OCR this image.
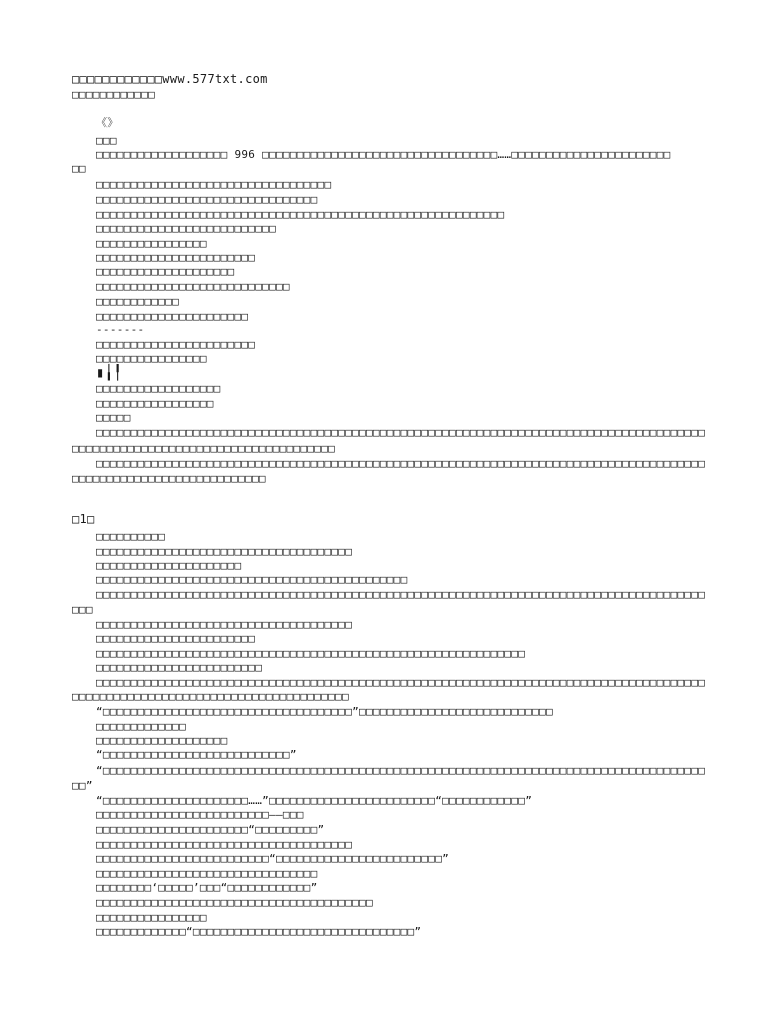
□□□□□□□□□□□□www.577txt.com
□□□□□□□□□□□□
《》
□□□
□□□□□□□□□□□□□□□□□□□ 996 □□□□□□□□□□□□□□□□□□□□□□□□□□□□□□□□□□……□□□□□□□□□□□□□□□□□□□□□□□
□□
□□□□□□□□□□□□□□□□□□□□□□□□□□□□□□□□□□
□□□□□□□□□□□□□□□□□□□□□□□□□□□□□□□□
□□□□□□□□□□□□□□□□□□□□□□□□□□□□□□□□□□□□□□□□□□□□□□□□□□□□□□□□□□□
□□□□□□□□□□□□□□□□□□□□□□□□□□
□□□□□□□□□□□□□□□□
□□□□□□□□□□□□□□□□□□□□□□□
□□□□□□□□□□□□□□□□□□□□
□□□□□□□□□□□□□□□□□□□□□□□□□□□□
□□□□□□□□□□□□
□□□□□□□□□□□□□□□□□□□□□□
-------
□□□□□□□□□□□□□□□□□□□□□□□
□□□□□□□□□□□□□□□□
▮╽╿
□□□□□□□□□□□□□□□□□□
□□□□□□□□□□□□□□□□□
□□□□□
□□□□□□□□□□□□□□□□□□□□□□□□□□□□□□□□□□□□□□□□□□□□□□□□□□□□□□□□□□□□□□□□□□□□□□□□□□□□□□□□□□□□□□□□
□□□□□□□□□□□□□□□□□□□□□□□□□□□□□□□□□□□□□□
□□□□□□□□□□□□□□□□□□□□□□□□□□□□□□□□□□□□□□□□□□□□□□□□□□□□□□□□□□□□□□□□□□□□□□□□□□□□□□□□□□□□□□□□
□□□□□□□□□□□□□□□□□□□□□□□□□□□□
□1□
□□□□□□□□□□
□□□□□□□□□□□□□□□□□□□□□□□□□□□□□□□□□□□□□
□□□□□□□□□□□□□□□□□□□□□
□□□□□□□□□□□□□□□□□□□□□□□□□□□□□□□□□□□□□□□□□□□□□
□□□□□□□□□□□□□□□□□□□□□□□□□□□□□□□□□□□□□□□□□□□□□□□□□□□□□□□□□□□□□□□□□□□□□□□□□□□□□□□□□□□□□□□□
□□□
□□□□□□□□□□□□□□□□□□□□□□□□□□□□□□□□□□□□□
□□□□□□□□□□□□□□□□□□□□□□□
□□□□□□□□□□□□□□□□□□□□□□□□□□□□□□□□□□□□□□□□□□□□□□□□□□□□□□□□□□□□□□
□□□□□□□□□□□□□□□□□□□□□□□□
□□□□□□□□□□□□□□□□□□□□□□□□□□□□□□□□□□□□□□□□□□□□□□□□□□□□□□□□□□□□□□□□□□□□□□□□□□□□□□□□□□□□□□□□
□□□□□□□□□□□□□□□□□□□□□□□□□□□□□□□□□□□□□□□□
“□□□□□□□□□□□□□□□□□□□□□□□□□□□□□□□□□□□□”□□□□□□□□□□□□□□□□□□□□□□□□□□□□
□□□□□□□□□□□□□
□□□□□□□□□□□□□□□□□□□
“□□□□□□□□□□□□□□□□□□□□□□□□□□□”
“□□□□□□□□□□□□□□□□□□□□□□□□□□□□□□□□□□□□□□□□□□□□□□□□□□□□□□□□□□□□□□□□□□□□□□□□□□□□□□□□□□□□□□□
□□”
“□□□□□□□□□□□□□□□□□□□□□……”□□□□□□□□□□□□□□□□□□□□□□□□“□□□□□□□□□□□□”
□□□□□□□□□□□□□□□□□□□□□□□□□——□□□
□□□□□□□□□□□□□□□□□□□□□□“□□□□□□□□□”
□□□□□□□□□□□□□□□□□□□□□□□□□□□□□□□□□□□□□
□□□□□□□□□□□□□□□□□□□□□□□□□“□□□□□□□□□□□□□□□□□□□□□□□□”
□□□□□□□□□□□□□□□□□□□□□□□□□□□□□□□□
□□□□□□□□‘□□□□□’□□□“□□□□□□□□□□□□”
□□□□□□□□□□□□□□□□□□□□□□□□□□□□□□□□□□□□□□□□
□□□□□□□□□□□□□□□□
□□□□□□□□□□□□□“□□□□□□□□□□□□□□□□□□□□□□□□□□□□□□□□”
